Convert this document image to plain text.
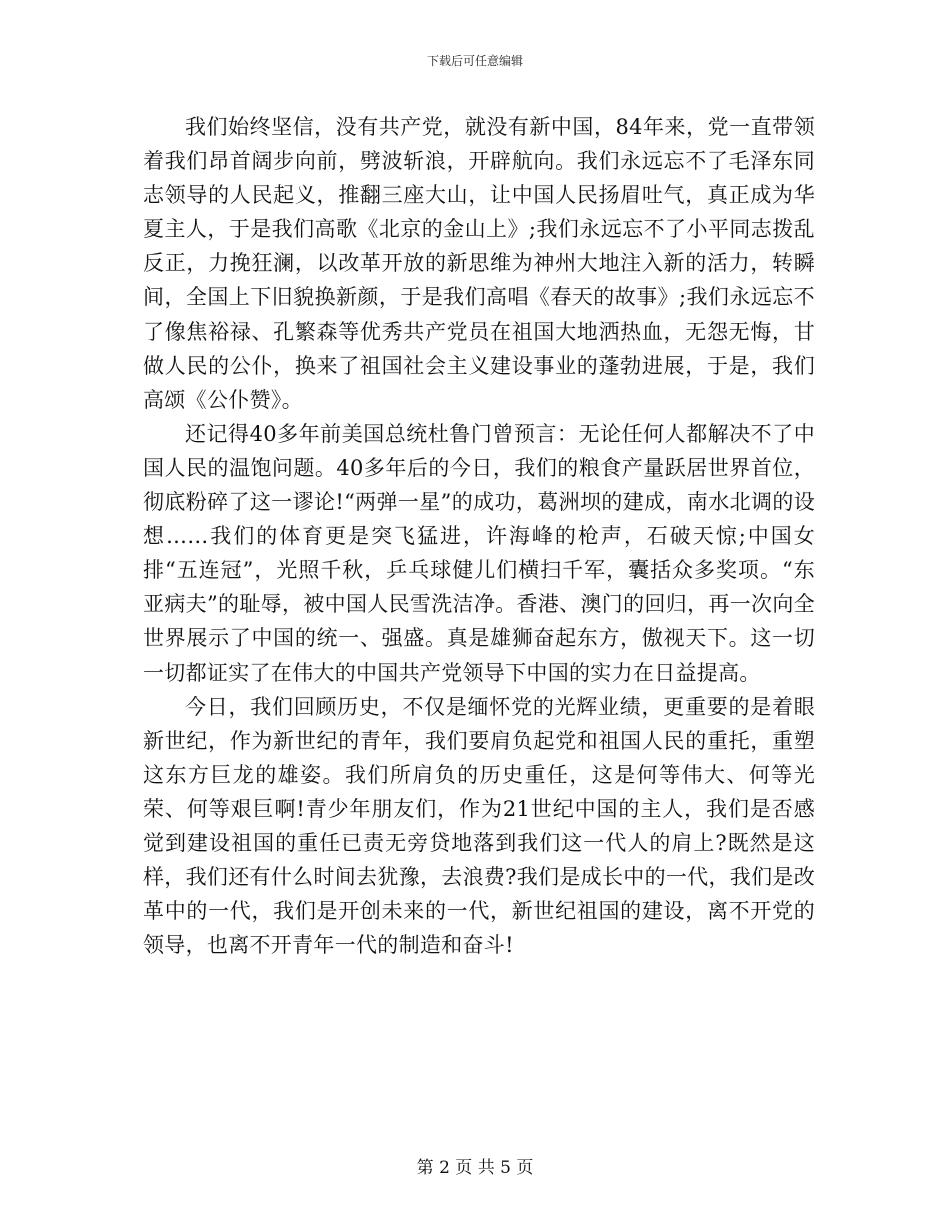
下载后可任意编辑

我们始终坚信，没有共产党，就没有新中国，84年来，党一直带领着我们昂首阔步向前，劈波斩浪，开辟航向。我们永远忘不了毛泽东同志领导的人民起义，推翻三座大山，让中国人民扬眉吐气，真正成为华夏主人，于是我们高歌《北京的金山上》;我们永远忘不了小平同志拨乱反正，力挽狂澜，以改革开放的新思维为神州大地注入新的活力，转瞬间，全国上下旧貌换新颜，于是我们高唱《春天的故事》;我们永远忘不了像焦裕禄、孔繁森等优秀共产党员在祖国大地洒热血，无怨无悔，甘做人民的公仆，换来了祖国社会主义建设事业的蓬勃进展，于是，我们高颂《公仆赞》。

还记得40多年前美国总统杜鲁门曾预言：无论任何人都解决不了中国人民的温饱问题。40多年后的今日，我们的粮食产量跃居世界首位，彻底粉碎了这一谬论!“两弹一星”的成功，葛洲坝的建成，南水北调的设想……我们的体育更是突飞猛进，许海峰的枪声，石破天惊;中国女排“五连冠”，光照千秋，乒乓球健儿们横扫千军，囊括众多奖项。“东亚病夫”的耻辱，被中国人民雪洗洁净。香港、澳门的回归，再一次向全世界展示了中国的统一、强盛。真是雄狮奋起东方，傲视天下。这一切一切都证实了在伟大的中国共产党领导下中国的实力在日益提高。

今日，我们回顾历史，不仅是缅怀党的光辉业绩，更重要的是着眼新世纪，作为新世纪的青年，我们要肩负起党和祖国人民的重托，重塑这东方巨龙的雄姿。我们所肩负的历史重任，这是何等伟大、何等光荣、何等艰巨啊!青少年朋友们，作为21世纪中国的主人，我们是否感觉到建设祖国的重任已责无旁贷地落到我们这一代人的肩上?既然是这样，我们还有什么时间去犹豫，去浪费?我们是成长中的一代，我们是改革中的一代，我们是开创未来的一代，新世纪祖国的建设，离不开党的领导，也离不开青年一代的制造和奋斗!

第 2 页 共 5 页
